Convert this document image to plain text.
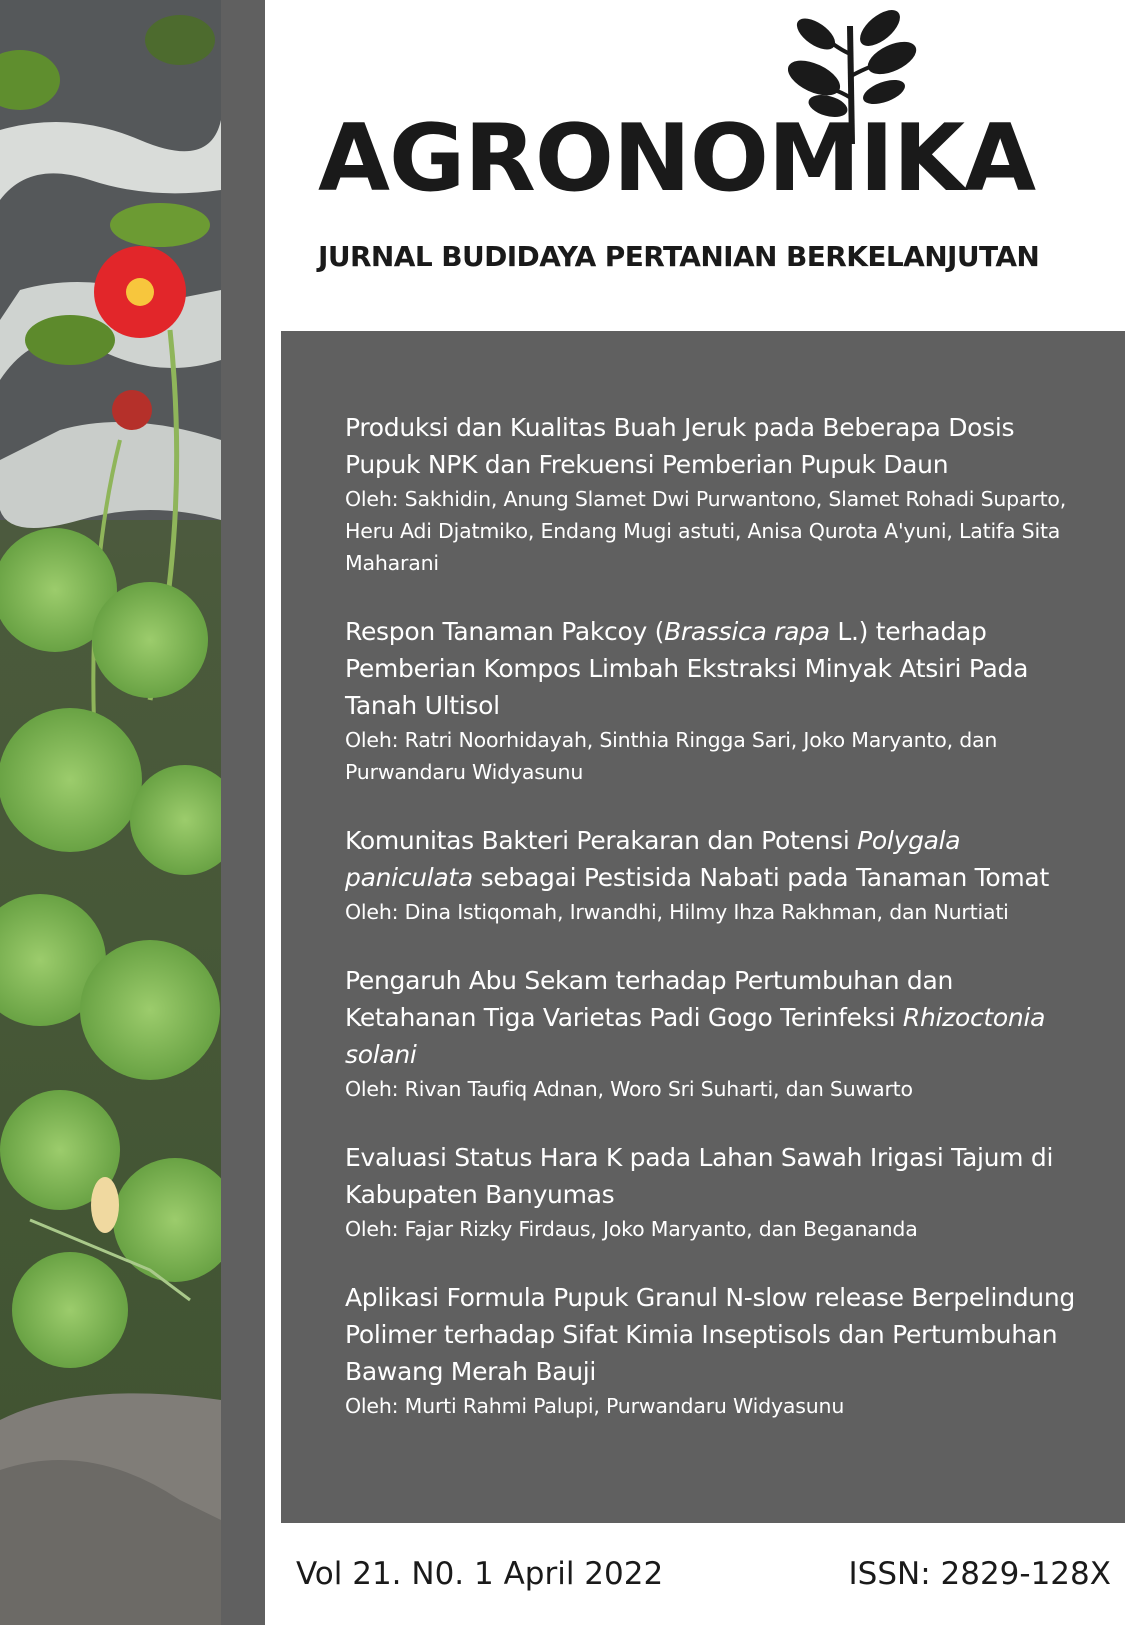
AGRONOMIKA
JURNAL BUDIDAYA PERTANIAN BERKELANJUTAN
Produksi dan Kualitas Buah Jeruk pada Beberapa Dosis Pupuk NPK dan Frekuensi Pemberian Pupuk Daun
Oleh: Sakhidin, Anung Slamet Dwi Purwantono, Slamet Rohadi Suparto, Heru Adi Djatmiko, Endang Mugi astuti, Anisa Qurota A'yuni, Latifa Sita Maharani
Respon Tanaman Pakcoy (Brassica rapa L.) terhadap Pemberian Kompos Limbah Ekstraksi Minyak Atsiri Pada Tanah Ultisol
Oleh: Ratri Noorhidayah, Sinthia Ringga Sari, Joko Maryanto, dan Purwandaru Widyasunu
Komunitas Bakteri Perakaran dan Potensi Polygala paniculata sebagai Pestisida Nabati pada Tanaman Tomat
Oleh: Dina Istiqomah, Irwandhi, Hilmy Ihza Rakhman, dan Nurtiati
Pengaruh Abu Sekam terhadap Pertumbuhan dan Ketahanan Tiga Varietas Padi Gogo Terinfeksi Rhizoctonia solani
Oleh: Rivan Taufiq Adnan, Woro Sri Suharti, dan Suwarto
Evaluasi Status Hara K pada Lahan Sawah Irigasi Tajum di Kabupaten Banyumas
Oleh: Fajar Rizky Firdaus, Joko Maryanto, dan Begananda
Aplikasi Formula Pupuk Granul N-slow release Berpelindung Polimer terhadap Sifat Kimia Inseptisols dan Pertumbuhan Bawang Merah Bauji
Oleh: Murti Rahmi Palupi, Purwandaru Widyasunu
Vol 21. N0. 1 April 2022	ISSN: 2829-128X
